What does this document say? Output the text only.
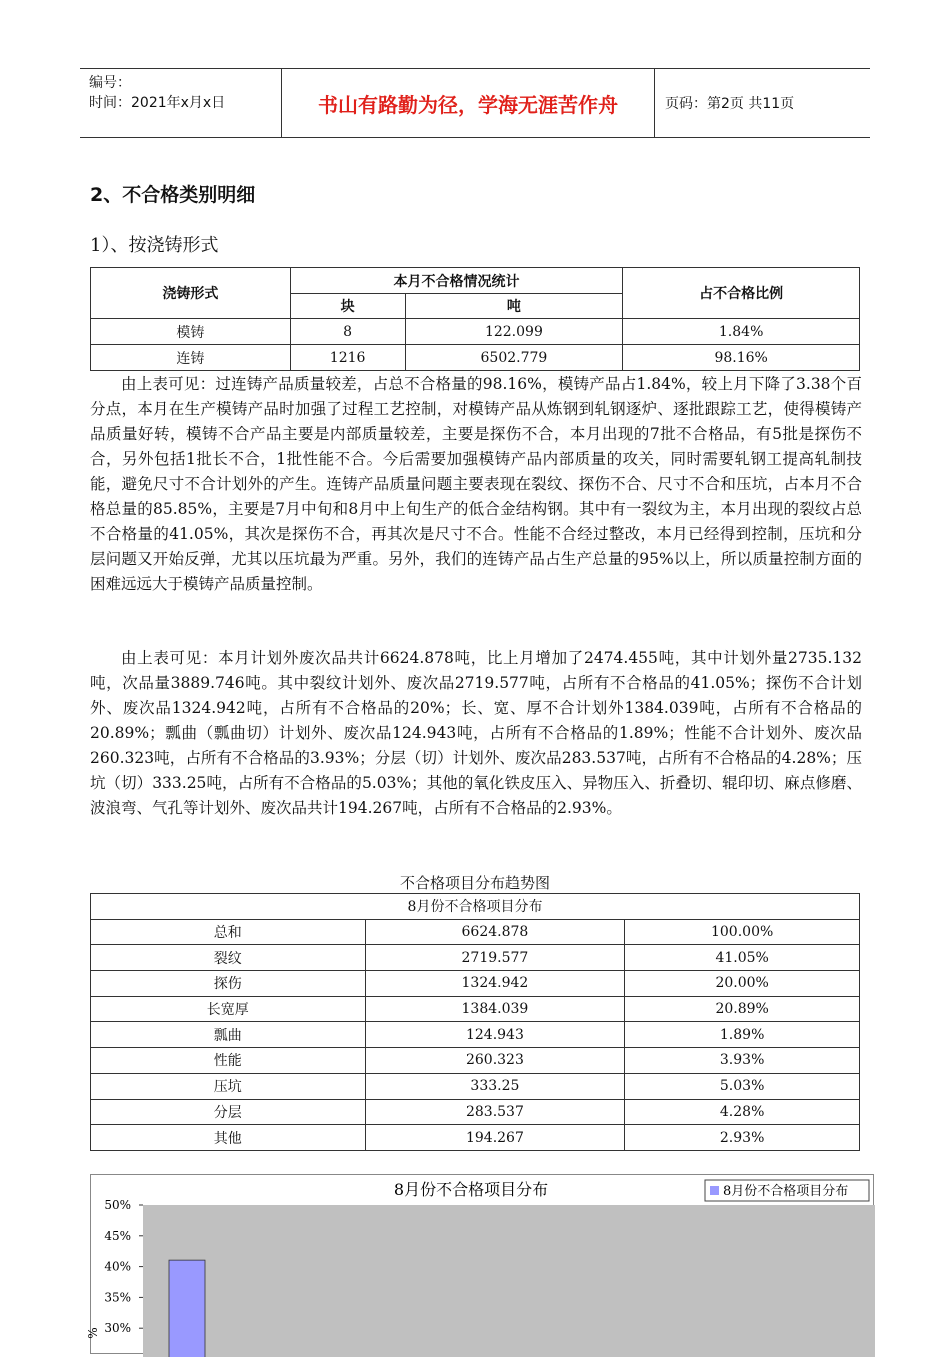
编号：
时间：2021年x月x日	书山有路勤为径，学海无涯苦作舟	页码：第2页 共11页
2、不合格类别明细
1）、按浇铸形式
浇铸形式	本月不合格情况统计		占不合格比例
	块	吨	
模铸	8	122.099	1.84%
连铸	1216	6502.779	98.16%

由上表可见：过连铸产品质量较差，占总不合格量的98.16%，模铸产品占1.84%，较上月下降了3.38个百分点，本月在生产模铸产品时加强了过程工艺控制，对模铸产品从炼钢到轧钢逐炉、逐批跟踪工艺，使得模铸产品质量好转，模铸不合产品主要是内部质量较差，主要是探伤不合，本月出现的7批不合格品，有5批是探伤不合，另外包括1批长不合，1批性能不合。今后需要加强模铸产品内部质量的攻关，同时需要轧钢工提高轧制技能，避免尺寸不合计划外的产生。连铸产品质量问题主要表现在裂纹、探伤不合、尺寸不合和压坑，占本月不合格总量的85.85%，主要是7月中旬和8月中上旬生产的低合金结构钢。其中有一裂纹为主，本月出现的裂纹占总不合格量的41.05%，其次是探伤不合，再其次是尺寸不合。性能不合经过整改，本月已经得到控制，压坑和分层问题又开始反弹，尤其以压坑最为严重。另外，我们的连铸产品占生产总量的95%以上，所以质量控制方面的困难远远大于模铸产品质量控制。

由上表可见：本月计划外废次品共计6624.878吨，比上月增加了2474.455吨，其中计划外量2735.132吨，次品量3889.746吨。其中裂纹计划外、废次品2719.577吨，占所有不合格品的41.05%；探伤不合计划外、废次品1324.942吨，占所有不合格品的20%；长、宽、厚不合计划外1384.039吨，占所有不合格品的20.89%；瓢曲（瓢曲切）计划外、废次品124.943吨，占所有不合格品的1.89%；性能不合计划外、废次品260.323吨，占所有不合格品的3.93%；分层（切）计划外、废次品283.537吨，占所有不合格品的4.28%；压坑（切）333.25吨，占所有不合格品的5.03%；其他的氧化铁皮压入、异物压入、折叠切、辊印切、麻点修磨、波浪弯、气孔等计划外、废次品共计194.267吨，占所有不合格品的2.93%。

不合格项目分布趋势图
8月份不合格项目分布		
总和	6624.878	100.00%
裂纹	2719.577	41.05%
探伤	1324.942	20.00%
长宽厚	1384.039	20.89%
瓢曲	124.943	1.89%
性能	260.323	3.93%
压坑	333.25	5.03%
分层	283.537	4.28%
其他	194.267	2.93%
50%
45%
40%
35%
30%
8月份不合格项目分布	8月份不合格项目分布
%
